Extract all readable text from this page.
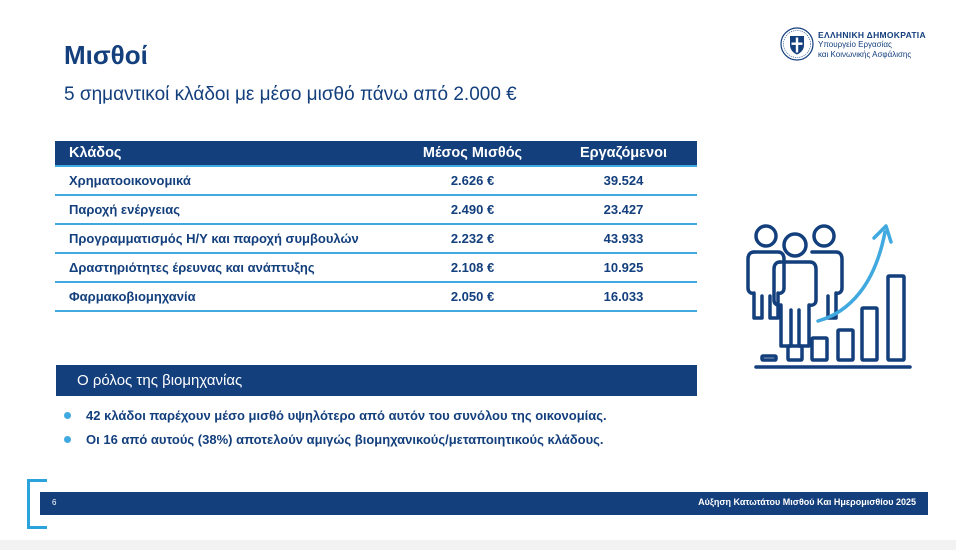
Μισθοί
5 σημαντικοί κλάδοι με μέσο μισθό πάνω από 2.000 €
ΕΛΛΗΝΙΚΗ ΔΗΜΟΚΡΑΤΙΑ
Υπουργείο Εργασίας
και Κοινωνικής Ασφάλισης
Κλάδος	Μέσος Μισθός	Εργαζόμενοι
Χρηματοοικονομικά	2.626 €	39.524
Παροχή ενέργειας	2.490 €	23.427
Προγραμματισμός Η/Υ και παροχή συμβουλών	2.232 €	43.933
Δραστηριότητες έρευνας και ανάπτυξης	2.108 €	10.925
Φαρμακοβιομηχανία	2.050 €	16.033
Ο ρόλος της βιομηχανίας
42 κλάδοι παρέχουν μέσο μισθό υψηλότερο από αυτόν του συνόλου της οικονομίας.
Οι 16 από αυτούς (38%) αποτελούν αμιγώς βιομηχανικούς/μεταποιητικούς κλάδους.
6	Αύξηση Κατωτάτου Μισθού Και Ημερομισθίου 2025
